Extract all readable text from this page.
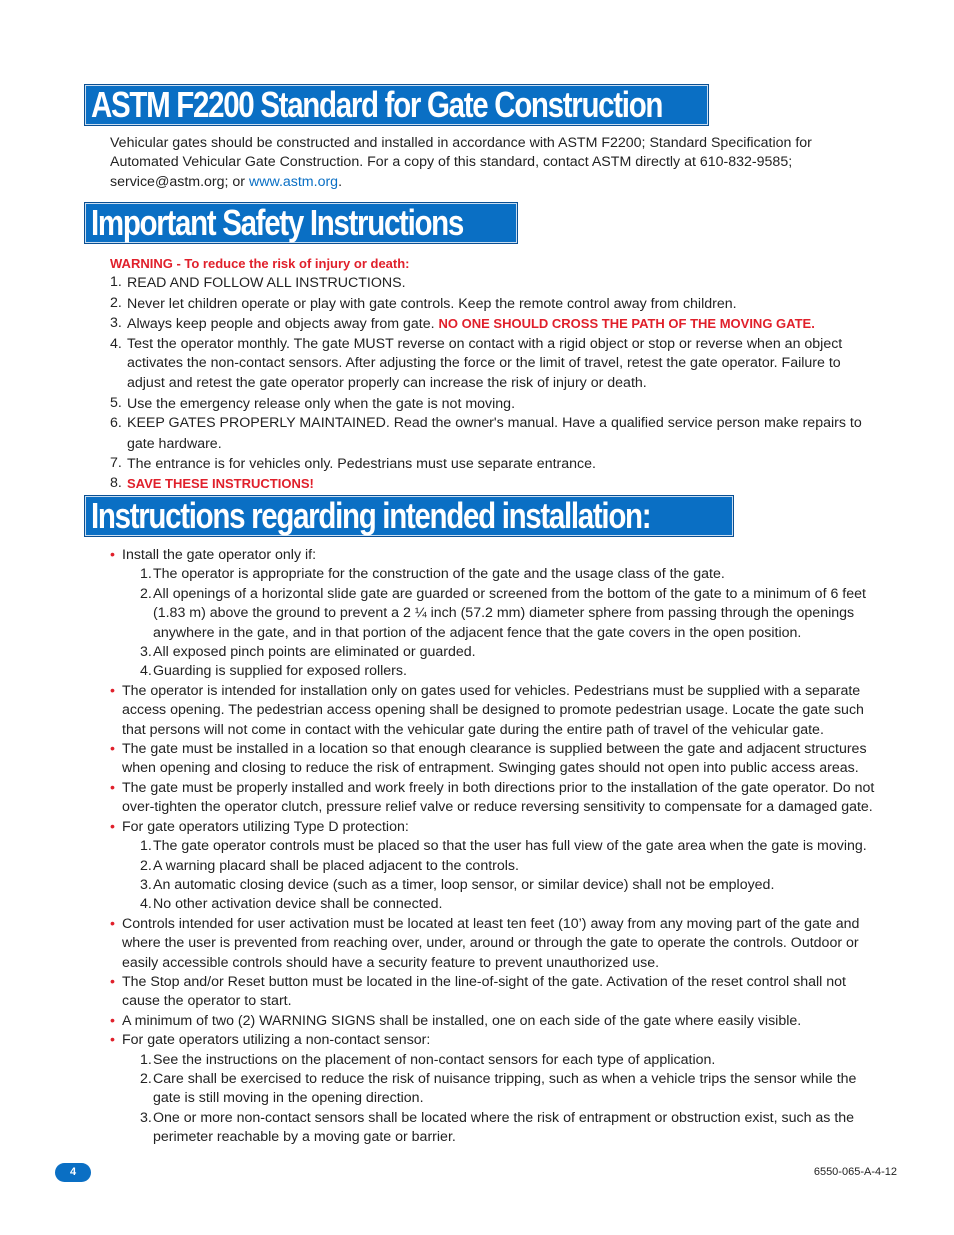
ASTM F2200 Standard for Gate Construction
Vehicular gates should be constructed and installed in accordance with ASTM F2200; Standard Specification for Automated Vehicular Gate Construction. For a copy of this standard, contact ASTM directly at 610-832-9585; service@astm.org; or www.astm.org.
Important Safety Instructions
WARNING - To reduce the risk of injury or death:
1. READ AND FOLLOW ALL INSTRUCTIONS.
2. Never let children operate or play with gate controls. Keep the remote control away from children.
3. Always keep people and objects away from gate. NO ONE SHOULD CROSS THE PATH OF THE MOVING GATE.
4. Test the operator monthly. The gate MUST reverse on contact with a rigid object or stop or reverse when an object activates the non-contact sensors. After adjusting the force or the limit of travel, retest the gate operator. Failure to adjust and retest the gate operator properly can increase the risk of injury or death.
5. Use the emergency release only when the gate is not moving.
6. KEEP GATES PROPERLY MAINTAINED. Read the owner's manual. Have a qualified service person make repairs to gate hardware.
7. The entrance is for vehicles only. Pedestrians must use separate entrance.
8. SAVE THESE INSTRUCTIONS!
Instructions regarding intended installation:
• Install the gate operator only if:
1. The operator is appropriate for the construction of the gate and the usage class of the gate.
2. All openings of a horizontal slide gate are guarded or screened from the bottom of the gate to a minimum of 6 feet (1.83 m) above the ground to prevent a 2 ¼ inch (57.2 mm) diameter sphere from passing through the openings anywhere in the gate, and in that portion of the adjacent fence that the gate covers in the open position.
3. All exposed pinch points are eliminated or guarded.
4. Guarding is supplied for exposed rollers.
• The operator is intended for installation only on gates used for vehicles. Pedestrians must be supplied with a separate access opening. The pedestrian access opening shall be designed to promote pedestrian usage. Locate the gate such that persons will not come in contact with the vehicular gate during the entire path of travel of the vehicular gate.
• The gate must be installed in a location so that enough clearance is supplied between the gate and adjacent structures when opening and closing to reduce the risk of entrapment. Swinging gates should not open into public access areas.
• The gate must be properly installed and work freely in both directions prior to the installation of the gate operator. Do not over-tighten the operator clutch, pressure relief valve or reduce reversing sensitivity to compensate for a damaged gate.
• For gate operators utilizing Type D protection:
1. The gate operator controls must be placed so that the user has full view of the gate area when the gate is moving.
2. A warning placard shall be placed adjacent to the controls.
3. An automatic closing device (such as a timer, loop sensor, or similar device) shall not be employed.
4. No other activation device shall be connected.
• Controls intended for user activation must be located at least ten feet (10’) away from any moving part of the gate and where the user is prevented from reaching over, under, around or through the gate to operate the controls. Outdoor or easily accessible controls should have a security feature to prevent unauthorized use.
• The Stop and/or Reset button must be located in the line-of-sight of the gate. Activation of the reset control shall not cause the operator to start.
• A minimum of two (2) WARNING SIGNS shall be installed, one on each side of the gate where easily visible.
• For gate operators utilizing a non-contact sensor:
1. See the instructions on the placement of non-contact sensors for each type of application.
2. Care shall be exercised to reduce the risk of nuisance tripping, such as when a vehicle trips the sensor while the gate is still moving in the opening direction.
3. One or more non-contact sensors shall be located where the risk of entrapment or obstruction exist, such as the perimeter reachable by a moving gate or barrier.
4	6550-065-A-4-12
